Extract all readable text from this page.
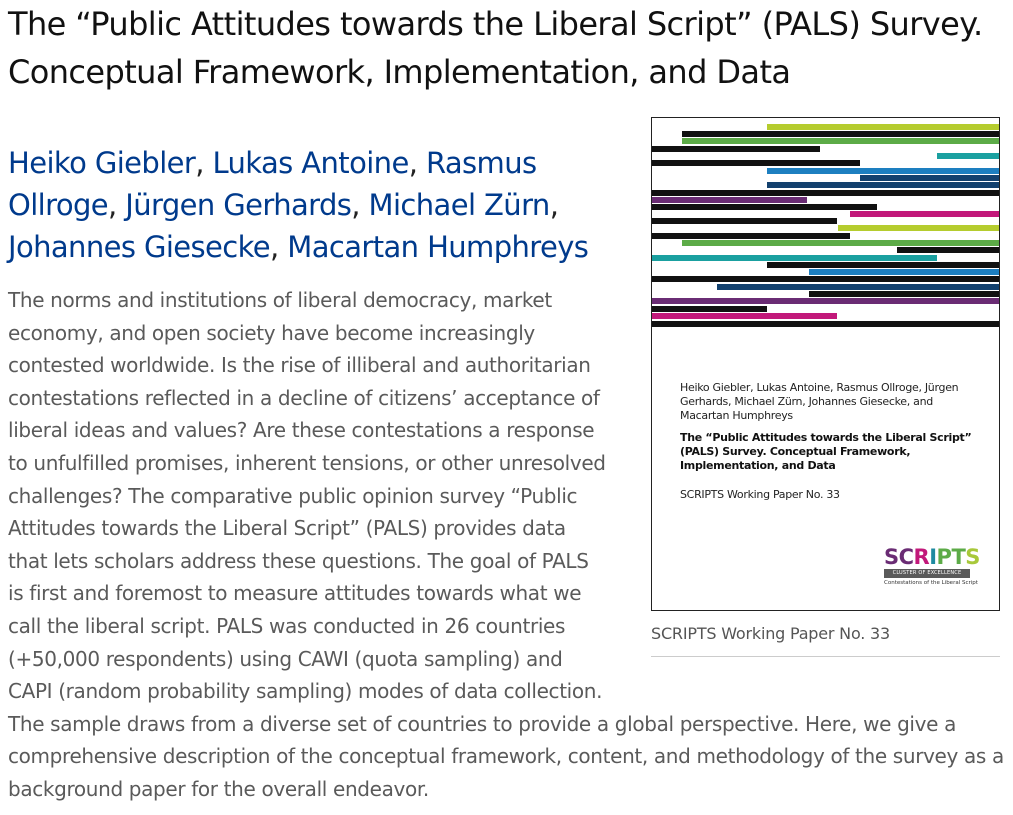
The “Public Attitudes towards the Liberal Script” (PALS) Survey. Conceptual Framework, Implementation, and Data
Heiko Giebler, Lukas Antoine, Rasmus Ollroge, Jürgen Gerhards, Michael Zürn, Johannes Giesecke, Macartan Humphreys

The norms and institutions of liberal democracy, market economy, and open society have become increasingly contested worldwide. Is the rise of illiberal and authoritarian contestations reflected in a decline of citizens’ acceptance of liberal ideas and values? Are these contestations a response to unfulfilled promises, inherent tensions, or other unresolved challenges? The comparative public opinion survey “Public Attitudes towards the Liberal Script” (PALS) provides data that lets scholars address these questions. The goal of PALS is first and foremost to measure attitudes towards what we call the liberal script. PALS was conducted in 26 countries (+50,000 respondents) using CAWI (quota sampling) and CAPI (random probability sampling) modes of data collection. The sample draws from a diverse set of countries to provide a global perspective. Here, we give a comprehensive description of the conceptual framework, content, and methodology of the survey as a background paper for the overall endeavor.

Heiko Giebler, Lukas Antoine, Rasmus Ollroge, Jürgen Gerhards, Michael Zürn, Johannes Giesecke, and Macartan Humphreys
The “Public Attitudes towards the Liberal Script” (PALS) Survey. Conceptual Framework, Implementation, and Data
SCRIPTS Working Paper No. 33
SCRIPTS
CLUSTER OF EXCELLENCE
Contestations of the Liberal Script
SCRIPTS Working Paper No. 33
